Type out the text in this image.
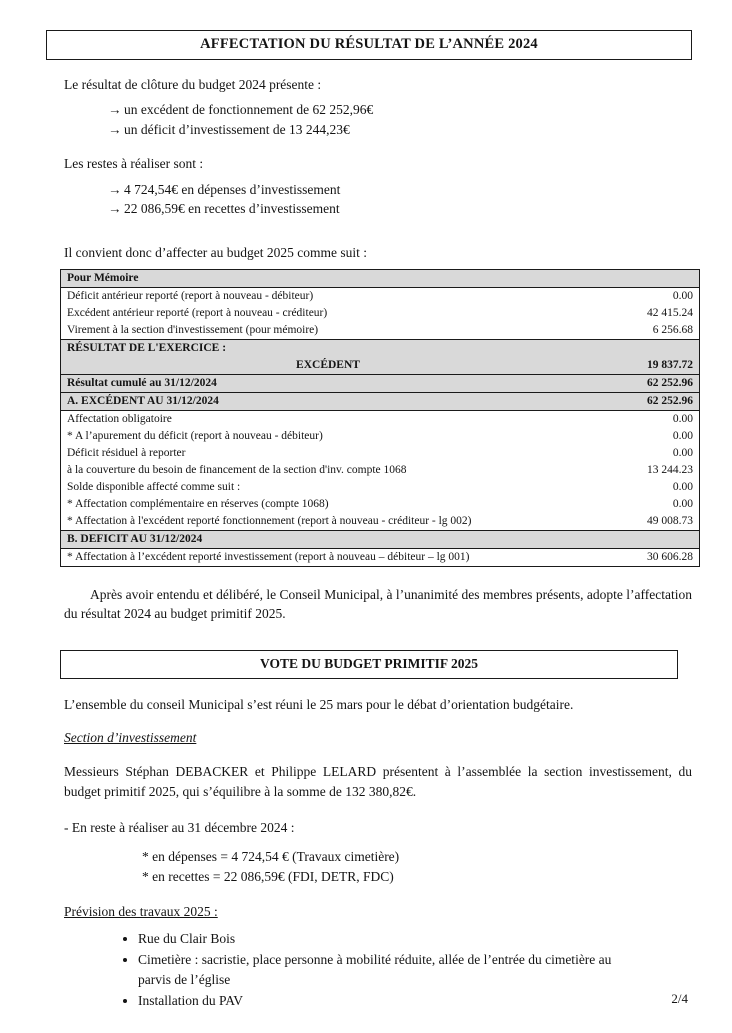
AFFECTATION DU RÉSULTAT DE L’ANNÉE 2024
Le résultat de clôture du budget 2024 présente :
→ un excédent de fonctionnement de 62 252,96€
→ un déficit d’investissement de 13 244,23€
Les restes à réaliser sont :
→ 4 724,54€ en dépenses d’investissement
→ 22 086,59€ en recettes d’investissement
Il convient donc d’affecter au budget 2025 comme suit :
Pour Mémoire	
Déficit antérieur reporté (report à nouveau - débiteur)	0.00
Excédent antérieur reporté (report à nouveau - créditeur)	42 415.24
Virement à la section d'investissement (pour mémoire)	6 256.68
RÉSULTAT DE L'EXERCICE :	
EXCÉDENT	19 837.72
Résultat cumulé au 31/12/2024	62 252.96
A. EXCÉDENT AU 31/12/2024	62 252.96
Affectation obligatoire	0.00
* A l’apurement du déficit (report à nouveau - débiteur)	0.00
Déficit résiduel à reporter	0.00
à la couverture du besoin de financement de la section d'inv. compte 1068	13 244.23
Solde disponible affecté comme suit :	0.00
* Affectation complémentaire en réserves (compte 1068)	0.00
* Affectation à l'excédent reporté fonctionnement (report à nouveau - créditeur - lg 002)	49 008.73
B. DEFICIT AU 31/12/2024	
* Affectation à l’excédent reporté investissement (report à nouveau – débiteur – lg 001)	30 606.28
Après avoir entendu et délibéré, le Conseil Municipal, à l’unanimité des membres présents, adopte l’affectation du résultat 2024 au budget primitif 2025.
VOTE DU BUDGET PRIMITIF 2025
L’ensemble du conseil Municipal s’est réuni le 25 mars pour le débat d’orientation budgétaire.
Section d’investissement
Messieurs Stéphan DEBACKER et Philippe LELARD présentent à l’assemblée la section investissement, du budget primitif 2025, qui s’équilibre à la somme de 132 380,82€.
- En reste à réaliser au 31 décembre 2024 :
* en dépenses = 4 724,54 € (Travaux cimetière)
* en recettes = 22 086,59€ (FDI, DETR, FDC)
Prévision des travaux 2025 :
• Rue du Clair Bois
• Cimetière : sacristie, place personne à mobilité réduite, allée de l’entrée du cimetière au parvis de l’église
• Installation du PAV	2/4
